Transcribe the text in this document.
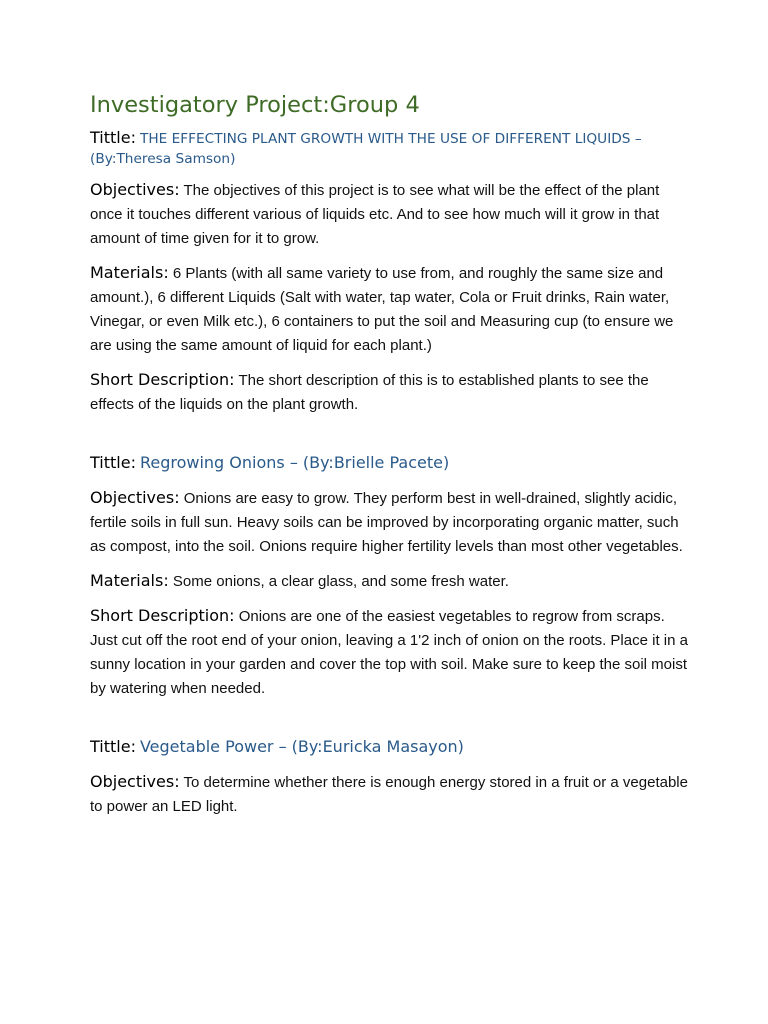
Investigatory Project:Group 4

Tittle: THE EFFECTING PLANT GROWTH WITH THE USE OF DIFFERENT LIQUIDS – (By:Theresa Samson)

Objectives: The objectives of this project is to see what will be the effect of the plant once it touches different various of liquids etc. And to see how much will it grow in that amount of time given for it to grow.

Materials: 6 Plants (with all same variety to use from, and roughly the same size and amount.), 6 different Liquids (Salt with water, tap water, Cola or Fruit drinks, Rain water, Vinegar, or even Milk etc.), 6 containers to put the soil and Measuring cup (to ensure we are using the same amount of liquid for each plant.)

Short Description: The short description of this is to established plants to see the effects of the liquids on the plant growth.

Tittle: Regrowing Onions – (By:Brielle Pacete)

Objectives: Onions are easy to grow. They perform best in well-drained, slightly acidic, fertile soils in full sun. Heavy soils can be improved by incorporating organic matter, such as compost, into the soil. Onions require higher fertility levels than most other vegetables.

Materials: Some onions, a clear glass, and some fresh water.

Short Description: Onions are one of the easiest vegetables to regrow from scraps. Just cut off the root end of your onion, leaving a 1'2 inch of onion on the roots. Place it in a sunny location in your garden and cover the top with soil. Make sure to keep the soil moist by watering when needed.

Tittle: Vegetable Power – (By:Euricka Masayon)

Objectives: To determine whether there is enough energy stored in a fruit or a vegetable to power an LED light.
